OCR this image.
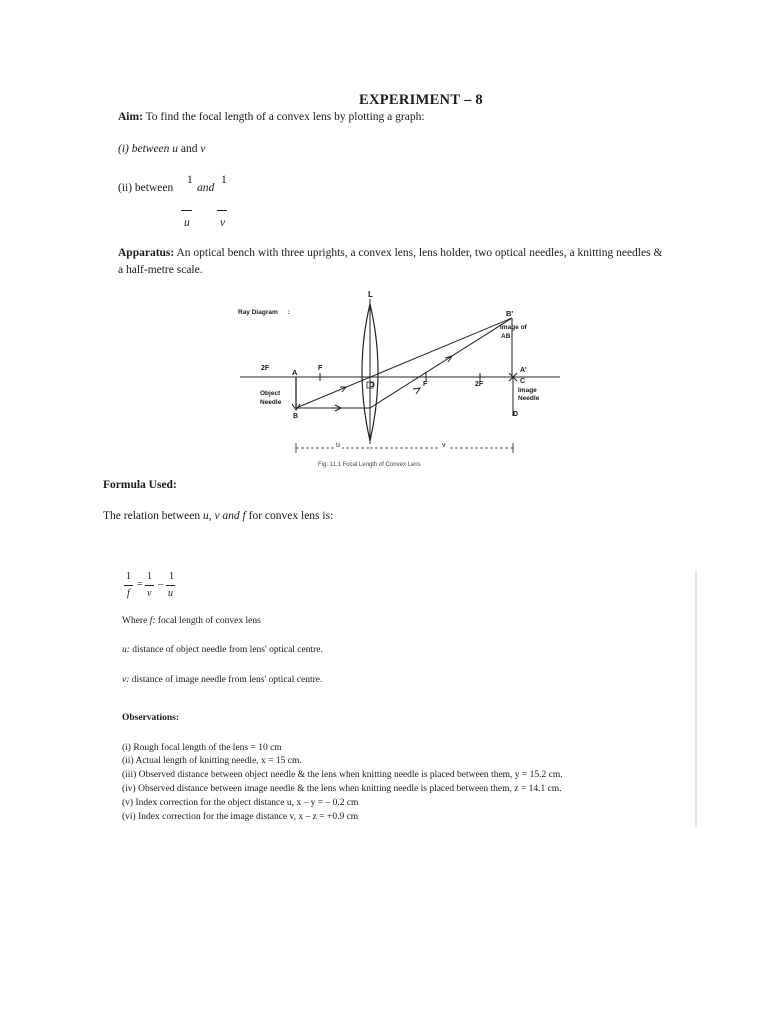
EXPERIMENT – 8
Aim: To find the focal length of a convex lens by plotting a graph:
(i) between u and v
(ii) between
1
and
1
u	v
Apparatus: An optical bench with three uprights, a convex lens, lens holder, two optical needles, a knitting needles &
a half-metre scale.
Ray Diagram :
L
B'
Image of
AB
2F	A	F
O	F	2F
A'
C
Image
Needle
D
Object
Needle
B
u	v
Fig. 11.1 Focal Length of Convex Lens
Formula Used:
The relation between u, v and f for convex lens is:
1
=
1
–
1
f v u
Where f: focal length of convex lens
u: distance of object needle from lens' optical centre.
v: distance of image needle from lens' optical centre.
Observations:
(i) Rough focal length of the lens = 10 cm
(ii) Actual length of knitting needle, x = 15 cm.
(iii) Observed distance between object needle & the lens when knitting needle is placed between them, y = 15.2 cm.
(iv) Observed distance between image needle & the lens when knitting needle is placed between them, z = 14.1 cm.
(v) Index correction for the object distance u, x – y = – 0.2 cm
(vi) Index correction for the image distance v, x – z = +0.9 cm
